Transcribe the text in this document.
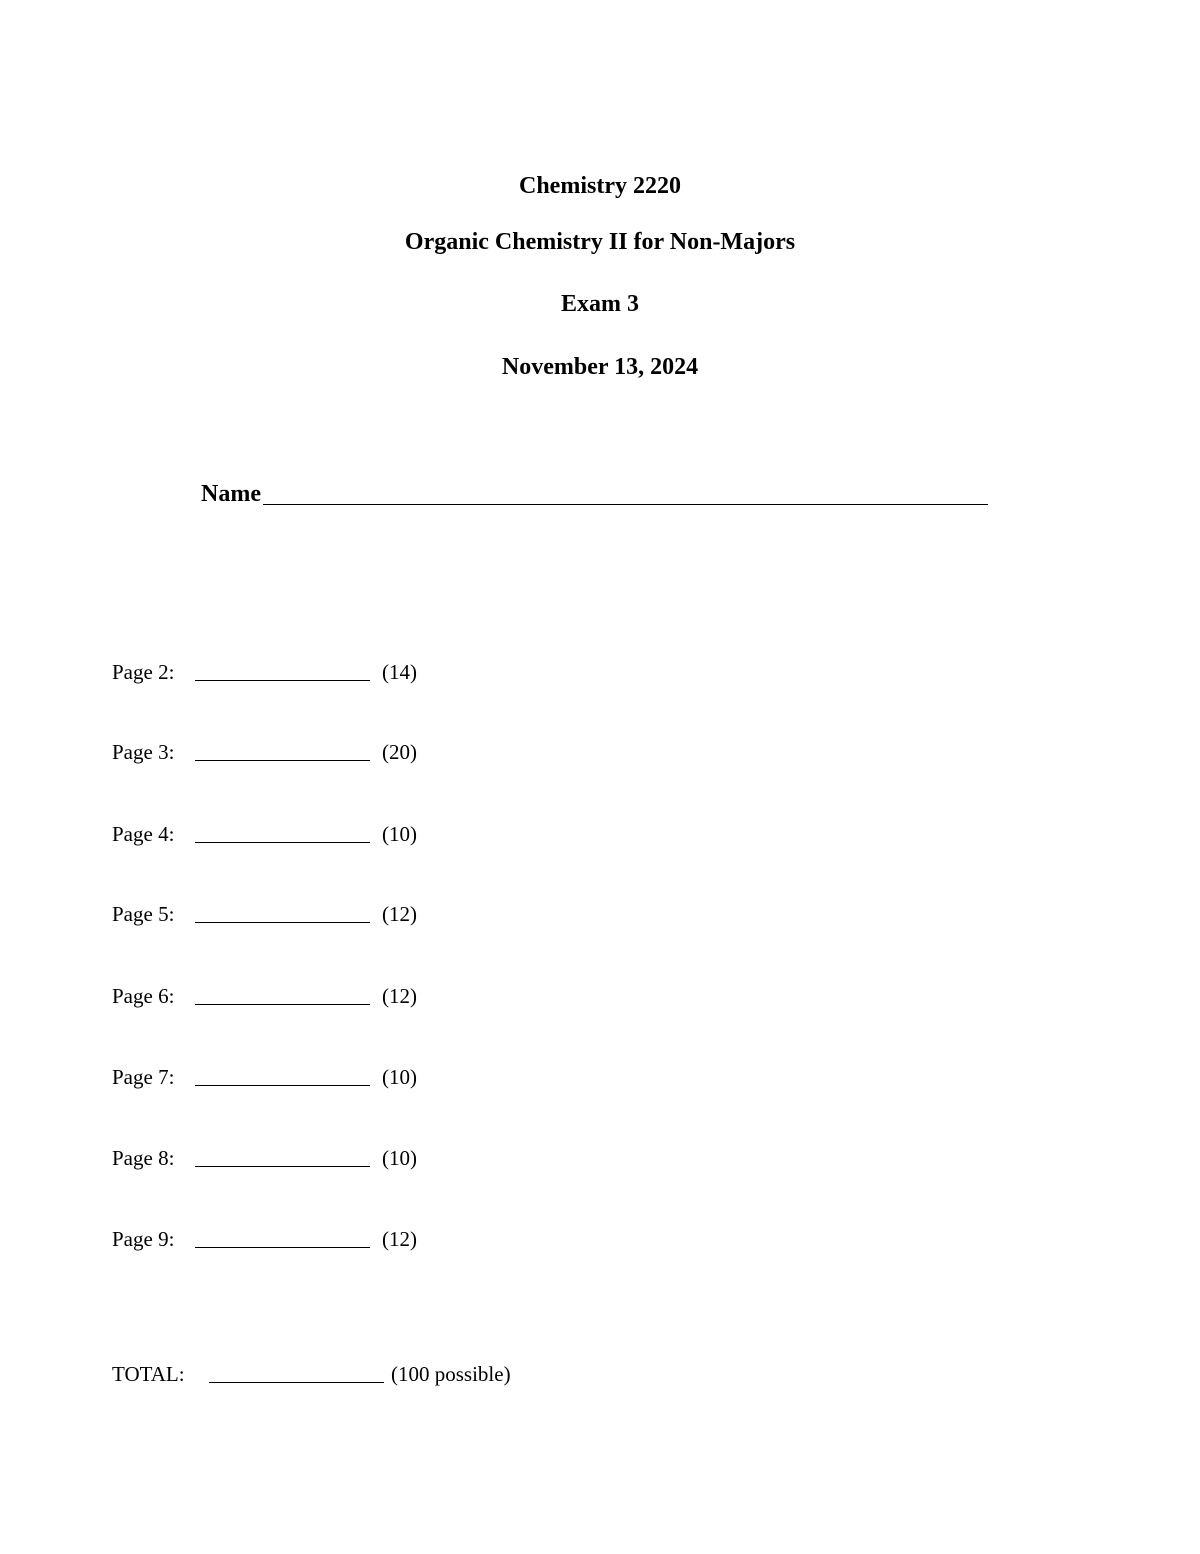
Chemistry 2220
Organic Chemistry II for Non-Majors
Exam 3
November 13, 2024
Name
Page 2:	(14)
Page 3:	(20)
Page 4:	(10)
Page 5:	(12)
Page 6:	(12)
Page 7:	(10)
Page 8:	(10)
Page 9:	(12)
TOTAL:	(100 possible)
